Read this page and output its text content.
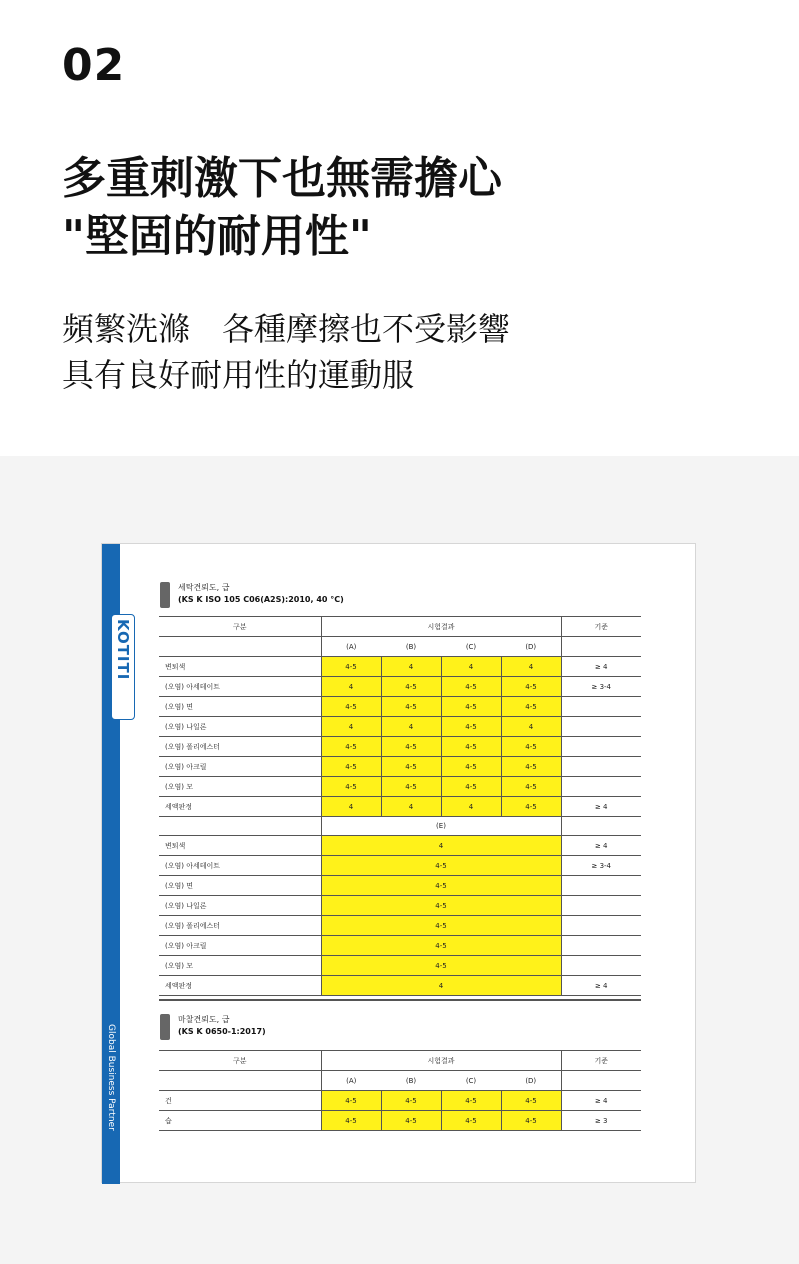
02
多重刺激下也無需擔心
"堅固的耐用性"
頻繁洗滌　各種摩擦也不受影響
具有良好耐用性的運動服
Global Business Partner
KOTITI
세탁견뢰도, 급
(KS K ISO 105 C06(A2S):2010, 40 °C)
구분	시험결과				기준
	(A)	(B)	(C)	(D)	
변퇴색	4-5	4	4	4	≥ 4
(오염) 아세테이트	4	4-5	4-5	4-5	≥ 3-4
(오염) 면	4-5	4-5	4-5	4-5	
(오염) 나일론	4	4	4-5	4	
(오염) 폴리에스터	4-5	4-5	4-5	4-5	
(오염) 아크릴	4-5	4-5	4-5	4-5	
(오염) 모	4-5	4-5	4-5	4-5	
세액판정	4	4	4	4-5	≥ 4
	(E)	
변퇴색	4	≥ 4
(오염) 아세테이트	4-5	≥ 3-4
(오염) 면	4-5	
(오염) 나일론	4-5	
(오염) 폴리에스터	4-5	
(오염) 아크릴	4-5	
(오염) 모	4-5	
세액판정	4	≥ 4
마찰견뢰도, 급
(KS K 0650-1:2017)
구분	시험결과				기준
	(A)	(B)	(C)	(D)	
건	4-5	4-5	4-5	4-5	≥ 4
습	4-5	4-5	4-5	4-5	≥ 3
